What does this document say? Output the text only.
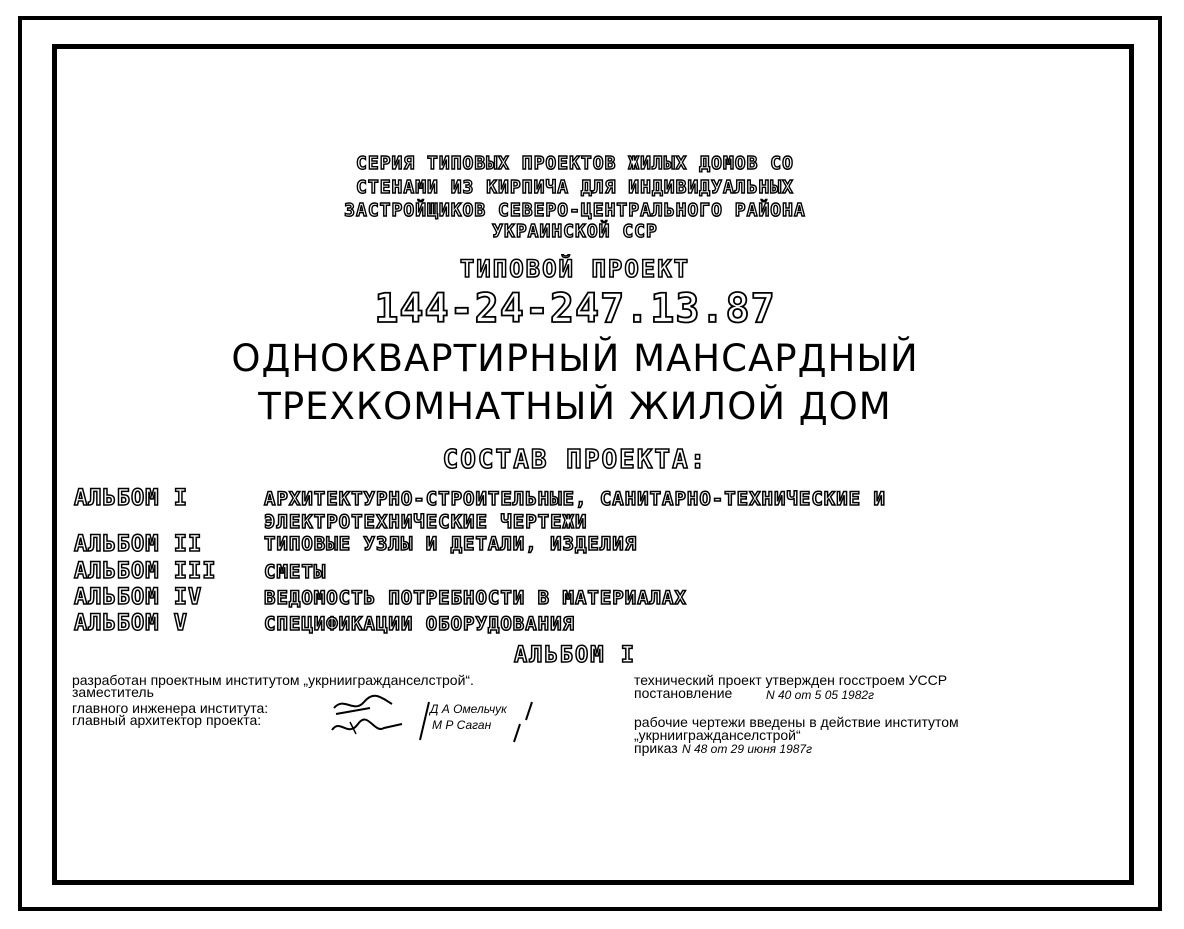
СЕРИЯ ТИПОВЫХ ПРОЕКТОВ ЖИЛЫХ ДОМОВ СО
СТЕНАМИ ИЗ КИРПИЧА ДЛЯ ИНДИВИДУАЛЬНЫХ
ЗАСТРОЙЩИКОВ СЕВЕРО-ЦЕНТРАЛЬНОГО РАЙОНА
УКРАИНСКОЙ ССР
ТИПОВОЙ ПРОЕКТ
144-24-247.13.87
ОДНОКВАРТИРНЫЙ МАНСАРДНЫЙ
ТРЕХКОМНАТНЫЙ ЖИЛОЙ ДОМ
СОСТАВ ПРОЕКТА:
АЛЬБОМ I	АРХИТЕКТУРНО-СТРОИТЕЛЬНЫЕ, САНИТАРНО-ТЕХНИЧЕСКИЕ И
ЭЛЕКТРОТЕХНИЧЕСКИЕ ЧЕРТЕЖИ
АЛЬБОМ II	ТИПОВЫЕ УЗЛЫ И ДЕТАЛИ, ИЗДЕЛИЯ
АЛЬБОМ III	СМЕТЫ
АЛЬБОМ IV	ВЕДОМОСТЬ ПОТРЕБНОСТИ В МАТЕРИАЛАХ
АЛЬБОМ V	СПЕЦИФИКАЦИИ ОБОРУДОВАНИЯ
АЛЬБОМ I
разработан проектным институтом „укрниигражданселстрой“.
заместитель
главного инженера института:
главный архитектор проекта:
Д А Омельчук
М Р Саган
технический проект утвержден госстроем УССР
постановление	N 40 от 5 05 1982г
рабочие чертежи введены в действие институтом
„укрниигражданселстрой“
приказ N 48 от 29 июня 1987г
